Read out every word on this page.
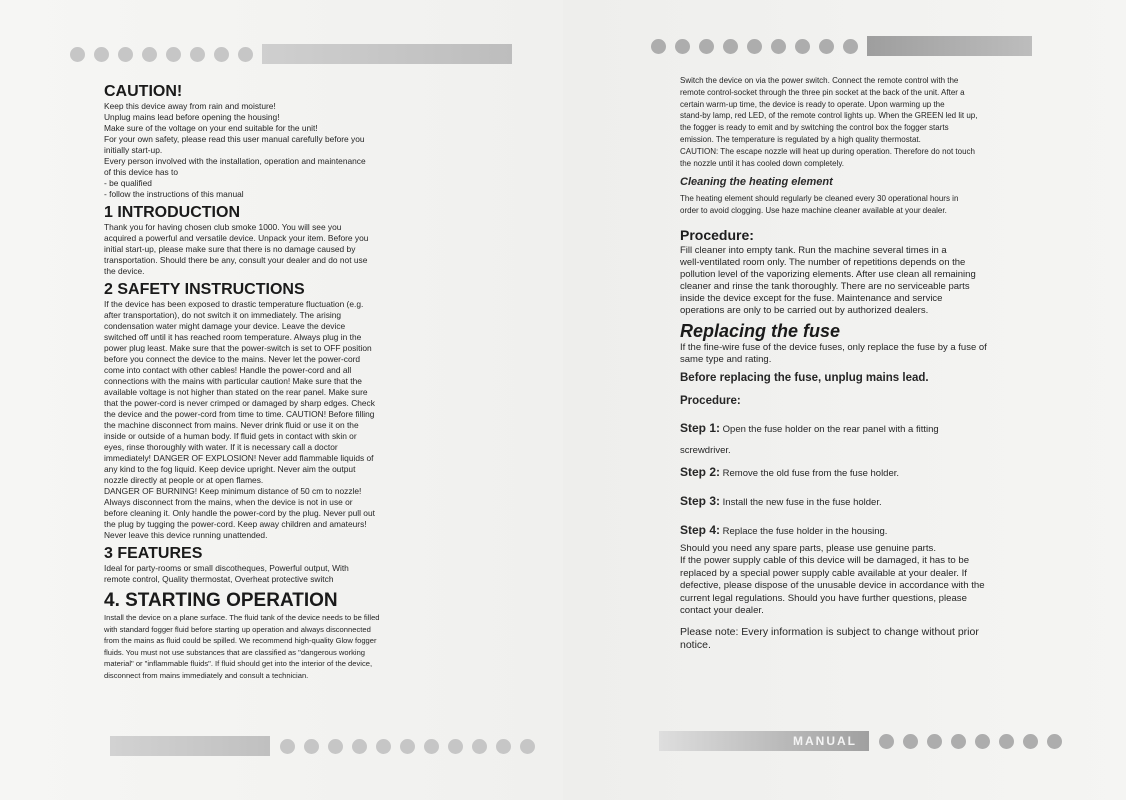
CAUTION!

Keep this device away from rain and moisture!
Unplug mains lead before opening the housing!
Make sure of the voltage on your end suitable for the unit!
For your own safety, please read this user manual carefully before you
initially start-up.
Every person involved with the installation, operation and maintenance
of this device has to
- be qualified
- follow the instructions of this manual

1 INTRODUCTION

Thank you for having chosen club smoke 1000. You will see you
acquired a powerful and versatile device. Unpack your item. Before you
initial start-up, please make sure that there is no damage caused by
transportation. Should there be any, consult your dealer and do not use
the device.

2 SAFETY INSTRUCTIONS

If the device has been exposed to drastic temperature fluctuation (e.g.
after transportation), do not switch it on immediately. The arising
condensation water might damage your device. Leave the device
switched off until it has reached room temperature. Always plug in the
power plug least. Make sure that the power-switch is set to OFF position
before you connect the device to the mains. Never let the power-cord
come into contact with other cables! Handle the power-cord and all
connections with the mains with particular caution! Make sure that the
available voltage is not higher than stated on the rear panel. Make sure
that the power-cord is never crimped or damaged by sharp edges. Check
the device and the power-cord from time to time. CAUTION! Before filling
the machine disconnect from mains. Never drink fluid or use it on the
inside or outside of a human body. If fluid gets in contact with skin or
eyes, rinse thoroughly with water. If it is necessary call a doctor
immediately! DANGER OF EXPLOSION! Never add flammable liquids of
any kind to the fog liquid. Keep device upright. Never aim the output
nozzle directly at people or at open flames.
DANGER OF BURNING! Keep minimum distance of 50 cm to nozzle!
Always disconnect from the mains, when the device is not in use or
before cleaning it. Only handle the power-cord by the plug. Never pull out
the plug by tugging the power-cord. Keep away children and amateurs!
Never leave this device running unattended.

3 FEATURES

Ideal for party-rooms or small discotheques, Powerful output, With
remote control, Quality thermostat, Overheat protective switch

4. STARTING OPERATION

Install the device on a plane surface. The fluid tank of the device needs to be filled
with standard fogger fluid before starting up operation and always disconnected
from the mains as fluid could be spilled. We recommend high-quality Glow fogger
fluids. You must not use substances that are classified as "dangerous working
material" or "inflammable fluids". If fluid should get into the interior of the device,
disconnect from mains immediately and consult a technician.

Switch the device on via the power switch. Connect the remote control with the
remote control-socket through the three pin socket at the back of the unit. After a
certain warm-up time, the device is ready to operate. Upon warming up the
stand-by lamp, red LED, of the remote control lights up. When the GREEN led lit up,
the fogger is ready to emit and by switching the control box the fogger starts
emission. The temperature is regulated by a high quality thermostat.
CAUTION: The escape nozzle will heat up during operation. Therefore do not touch
the nozzle until it has cooled down completely.

Cleaning the heating element

The heating element should regularly be cleaned every 30 operational hours in
order to avoid clogging. Use haze machine cleaner available at your dealer.

Procedure:

Fill cleaner into empty tank. Run the machine several times in a
well-ventilated room only. The number of repetitions depends on the
pollution level of the vaporizing elements. After use clean all remaining
cleaner and rinse the tank thoroughly. There are no serviceable parts
inside the device except for the fuse. Maintenance and service
operations are only to be carried out by authorized dealers.

Replacing the fuse

If the fine-wire fuse of the device fuses, only replace the fuse by a fuse of
same type and rating.

Before replacing the fuse, unplug mains lead.
Procedure:
Step 1: Open the fuse holder on the rear panel with a fitting
screwdriver.
Step 2: Remove the old fuse from the fuse holder.
Step 3: Install the new fuse in the fuse holder.
Step 4: Replace the fuse holder in the housing.

Should you need any spare parts, please use genuine parts.
If the power supply cable of this device will be damaged, it has to be
replaced by a special power supply cable available at your dealer. If
defective, please dispose of the unusable device in accordance with the
current legal regulations. Should you have further questions, please
contact your dealer.

Please note: Every information is subject to change without prior
notice.

MANUAL
